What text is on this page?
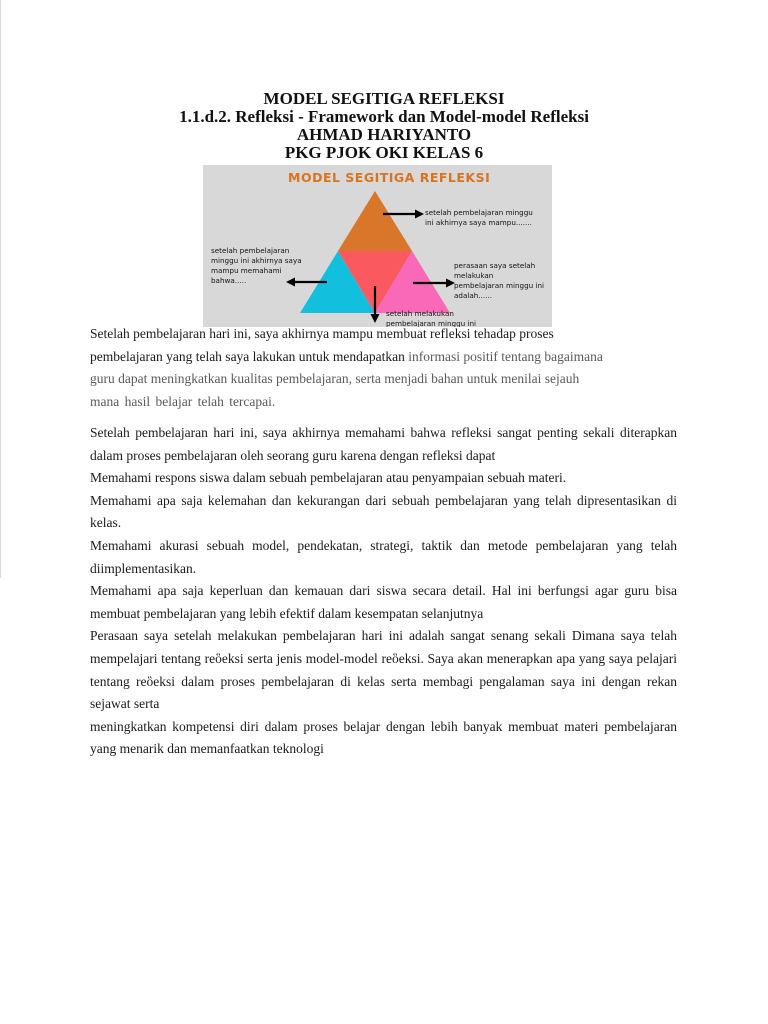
MODEL SEGITIGA REFLEKSI
1.1.d.2. Refleksi - Framework dan Model-model Refleksi
AHMAD HARIYANTO
PKG PJOK OKI KELAS 6
MODEL SEGITIGA REFLEKSI
setelah pembelajaran minggu ini akhirnya saya mampu.......
setelah pembelajaran minggu ini akhirnya saya mampu memahami bahwa.....
perasaan saya setelah melakukan pembelajaran minggu ini adalah......
setelah melakukan pembelajaran minggu ini
Setelah pembelajaran hari ini, saya akhirnya mampu membuat refleksi tehadap proses
pembelajaran yang telah saya lakukan untuk mendapatkan informasi positif tentang bagaimana
guru dapat meningkatkan kualitas pembelajaran, serta menjadi bahan untuk menilai sejauh
mana hasil belajar telah tercapai.

Setelah pembelajaran hari ini, saya akhirnya memahami bahwa refleksi sangat penting sekali diterapkan dalam proses pembelajaran oleh seorang guru karena dengan refleksi dapat

Memahami respons siswa dalam sebuah pembelajaran atau penyampaian sebuah materi.

Memahami apa saja kelemahan dan kekurangan dari sebuah pembelajaran yang telah dipresentasikan di kelas.

Memahami akurasi sebuah model, pendekatan, strategi, taktik dan metode pembelajaran yang telah diimplementasikan.

Memahami apa saja keperluan dan kemauan dari siswa secara detail. Hal ini berfungsi agar guru bisa membuat pembelajaran yang lebih efektif dalam kesempatan selanjutnya

Perasaan saya setelah melakukan pembelajaran hari ini adalah sangat senang sekali Dimana saya telah mempelajari tentang reὃeksi serta jenis model-model reὃeksi. Saya akan menerapkan apa yang saya pelajari tentang reὃeksi dalam proses pembelajaran di kelas serta membagi pengalaman saya ini dengan rekan sejawat serta

meningkatkan kompetensi diri dalam proses belajar dengan lebih banyak membuat materi pembelajaran yang menarik dan memanfaatkan teknologi
